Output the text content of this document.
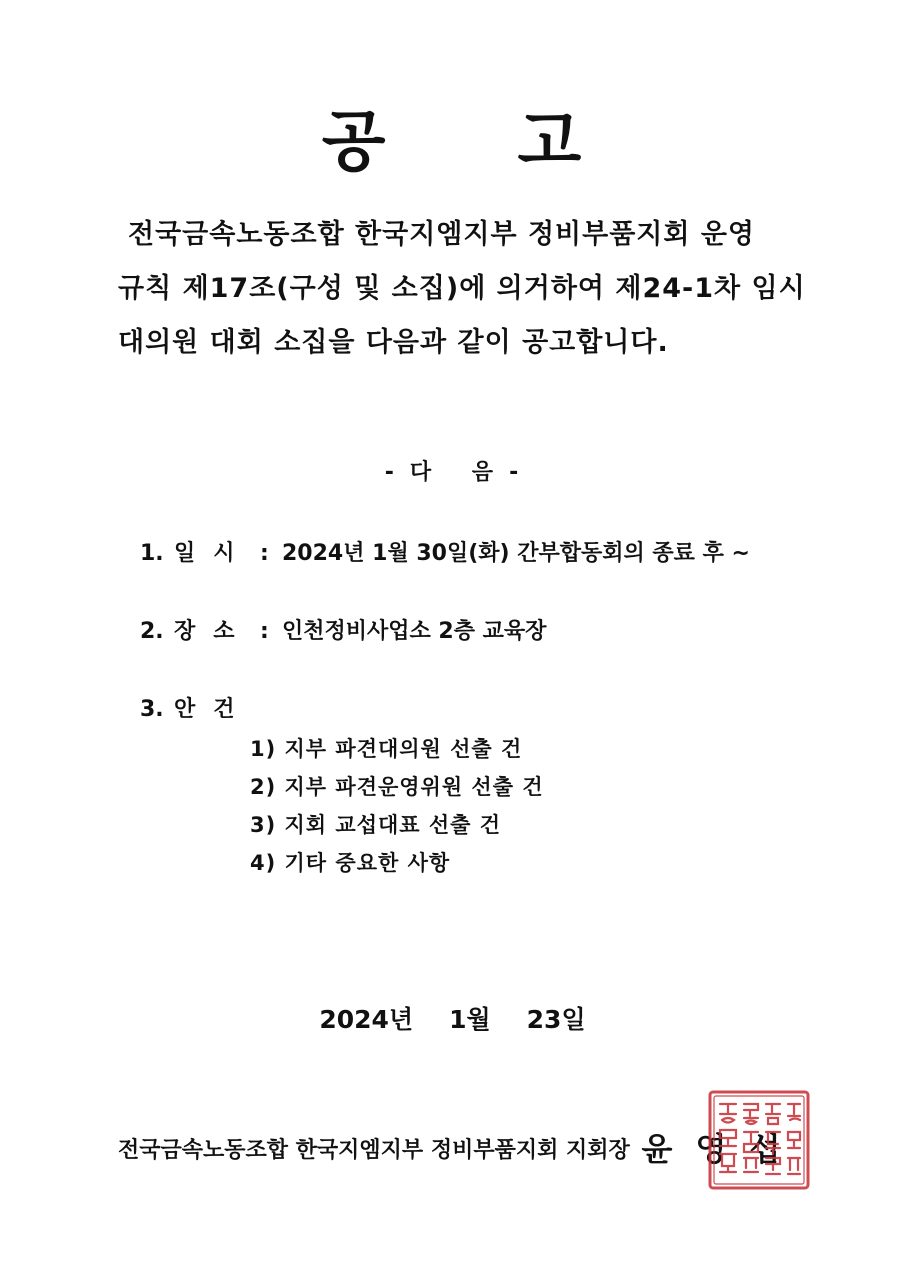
공 고
전국금속노동조합 한국지엠지부 정비부품지회 운영
규칙 제17조(구성 및 소집)에 의거하여 제24-1차 임시
대의원 대회 소집을 다음과 같이 공고합니다.
- 다    음 -
1. 일시 : 2024년 1월 30일(화) 간부합동회의 종료 후 ~
2. 장소 : 인천정비사업소 2층 교육장
3. 안건
1) 지부 파견대의원 선출 건
2) 지부 파견운영위원 선출 건
3) 지회 교섭대표 선출 건
4) 기타 중요한 사항
2024년 1월 23일
전국금속노동조합 한국지엠지부 정비부품지회 지회장 윤 영 섭
